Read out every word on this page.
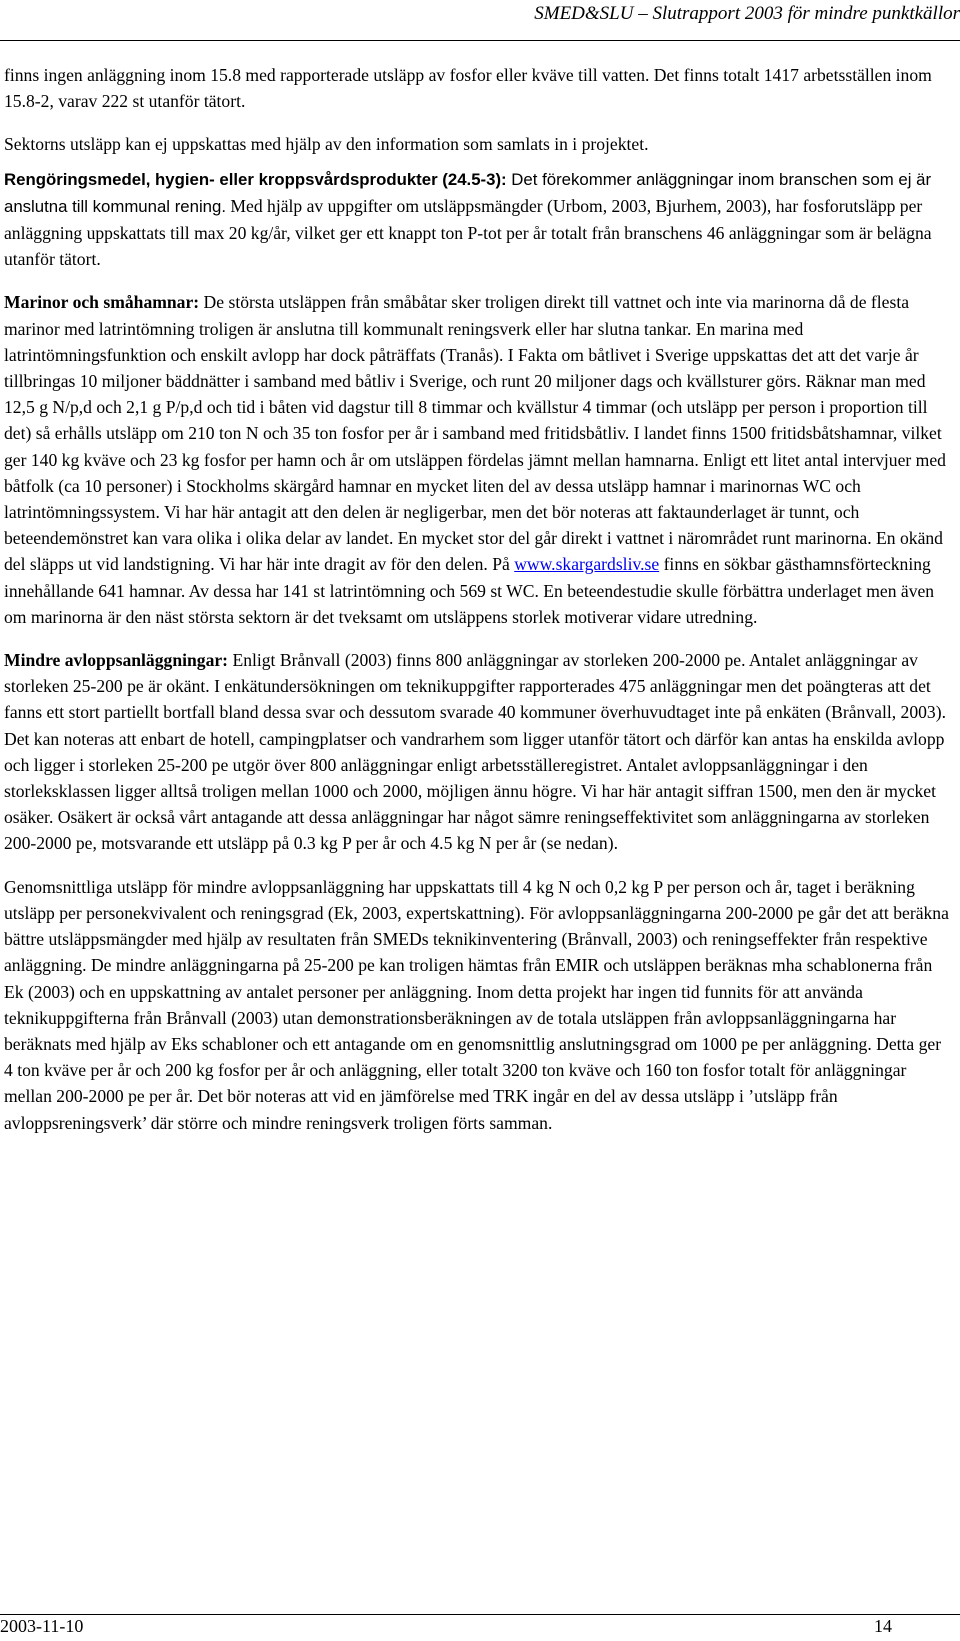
SMED&SLU – Slutrapport 2003 för mindre punktkällor

finns ingen anläggning inom 15.8 med rapporterade utsläpp av fosfor eller kväve till vatten. Det finns totalt 1417 arbetsställen inom 15.8-2, varav 222 st utanför tätort.

Sektorns utsläpp kan ej uppskattas med hjälp av den information som samlats in i projektet.

Rengöringsmedel, hygien- eller kroppsvårdsprodukter (24.5-3): Det förekommer anläggningar inom branschen som ej är anslutna till kommunal rening. Med hjälp av uppgifter om utsläppsmängder (Urbom, 2003, Bjurhem, 2003), har fosforutsläpp per anläggning uppskattats till max 20 kg/år, vilket ger ett knappt ton P-tot per år totalt från branschens 46 anläggningar som är belägna utanför tätort.

Marinor och småhamnar: De största utsläppen från småbåtar sker troligen direkt till vattnet och inte via marinorna då de flesta marinor med latrintömning troligen är anslutna till kommunalt reningsverk eller har slutna tankar. En marina med latrintömningsfunktion och enskilt avlopp har dock påträffats (Tranås). I Fakta om båtlivet i Sverige uppskattas det att det varje år tillbringas 10 miljoner bäddnätter i samband med båtliv i Sverige, och runt 20 miljoner dags och kvällsturer görs. Räknar man med 12,5 g N/p,d och 2,1 g P/p,d och tid i båten vid dagstur till 8 timmar och kvällstur 4 timmar (och utsläpp per person i proportion till det) så erhålls utsläpp om 210 ton N och 35 ton fosfor per år i samband med fritidsbåtliv. I landet finns 1500 fritidsbåtshamnar, vilket ger 140 kg kväve och 23 kg fosfor per hamn och år om utsläppen fördelas jämnt mellan hamnarna. Enligt ett litet antal intervjuer med båtfolk (ca 10 personer) i Stockholms skärgård hamnar en mycket liten del av dessa utsläpp hamnar i marinornas WC och latrintömningssystem. Vi har här antagit att den delen är negligerbar, men det bör noteras att faktaunderlaget är tunnt, och beteendemönstret kan vara olika i olika delar av landet. En mycket stor del går direkt i vattnet i närområdet runt marinorna. En okänd del släpps ut vid landstigning. Vi har här inte dragit av för den delen. På www.skargardsliv.se finns en sökbar gästhamnsförteckning innehållande 641 hamnar. Av dessa har 141 st latrintömning och 569 st WC. En beteendestudie skulle förbättra underlaget men även om marinorna är den näst största sektorn är det tveksamt om utsläppens storlek motiverar vidare utredning.

Mindre avloppsanläggningar: Enligt Brånvall (2003) finns 800 anläggningar av storleken 200-2000 pe. Antalet anläggningar av storleken 25-200 pe är okänt. I enkätundersökningen om teknikuppgifter rapporterades 475 anläggningar men det poängteras att det fanns ett stort partiellt bortfall bland dessa svar och dessutom svarade 40 kommuner överhuvudtaget inte på enkäten (Brånvall, 2003). Det kan noteras att enbart de hotell, campingplatser och vandrarhem som ligger utanför tätort och därför kan antas ha enskilda avlopp och ligger i storleken 25-200 pe utgör över 800 anläggningar enligt arbetsställeregistret. Antalet avloppsanläggningar i den storleksklassen ligger alltså troligen mellan 1000 och 2000, möjligen ännu högre. Vi har här antagit siffran 1500, men den är mycket osäker. Osäkert är också vårt antagande att dessa anläggningar har något sämre reningseffektivitet som anläggningarna av storleken 200-2000 pe, motsvarande ett utsläpp på 0.3 kg P per år och 4.5 kg N per år (se nedan).

Genomsnittliga utsläpp för mindre avloppsanläggning har uppskattats till 4 kg N och 0,2 kg P per person och år, taget i beräkning utsläpp per personekvivalent och reningsgrad (Ek, 2003, expertskattning). För avloppsanläggningarna 200-2000 pe går det att beräkna bättre utsläppsmängder med hjälp av resultaten från SMEDs teknikinventering (Brånvall, 2003) och reningseffekter från respektive anläggning. De mindre anläggningarna på 25-200 pe kan troligen hämtas från EMIR och utsläppen beräknas mha schablonerna från Ek (2003) och en uppskattning av antalet personer per anläggning. Inom detta projekt har ingen tid funnits för att använda teknikuppgifterna från Brånvall (2003) utan demonstrationsberäkningen av de totala utsläppen från avloppsanläggningarna har beräknats med hjälp av Eks schabloner och ett antagande om en genomsnittlig anslutningsgrad om 1000 pe per anläggning. Detta ger 4 ton kväve per år och 200 kg fosfor per år och anläggning, eller totalt 3200 ton kväve och 160 ton fosfor totalt för anläggningar mellan 200-2000 pe per år. Det bör noteras att vid en jämförelse med TRK ingår en del av dessa utsläpp i ’utsläpp från avloppsreningsverk’ där större och mindre reningsverk troligen förts samman.

2003-11-10	14
